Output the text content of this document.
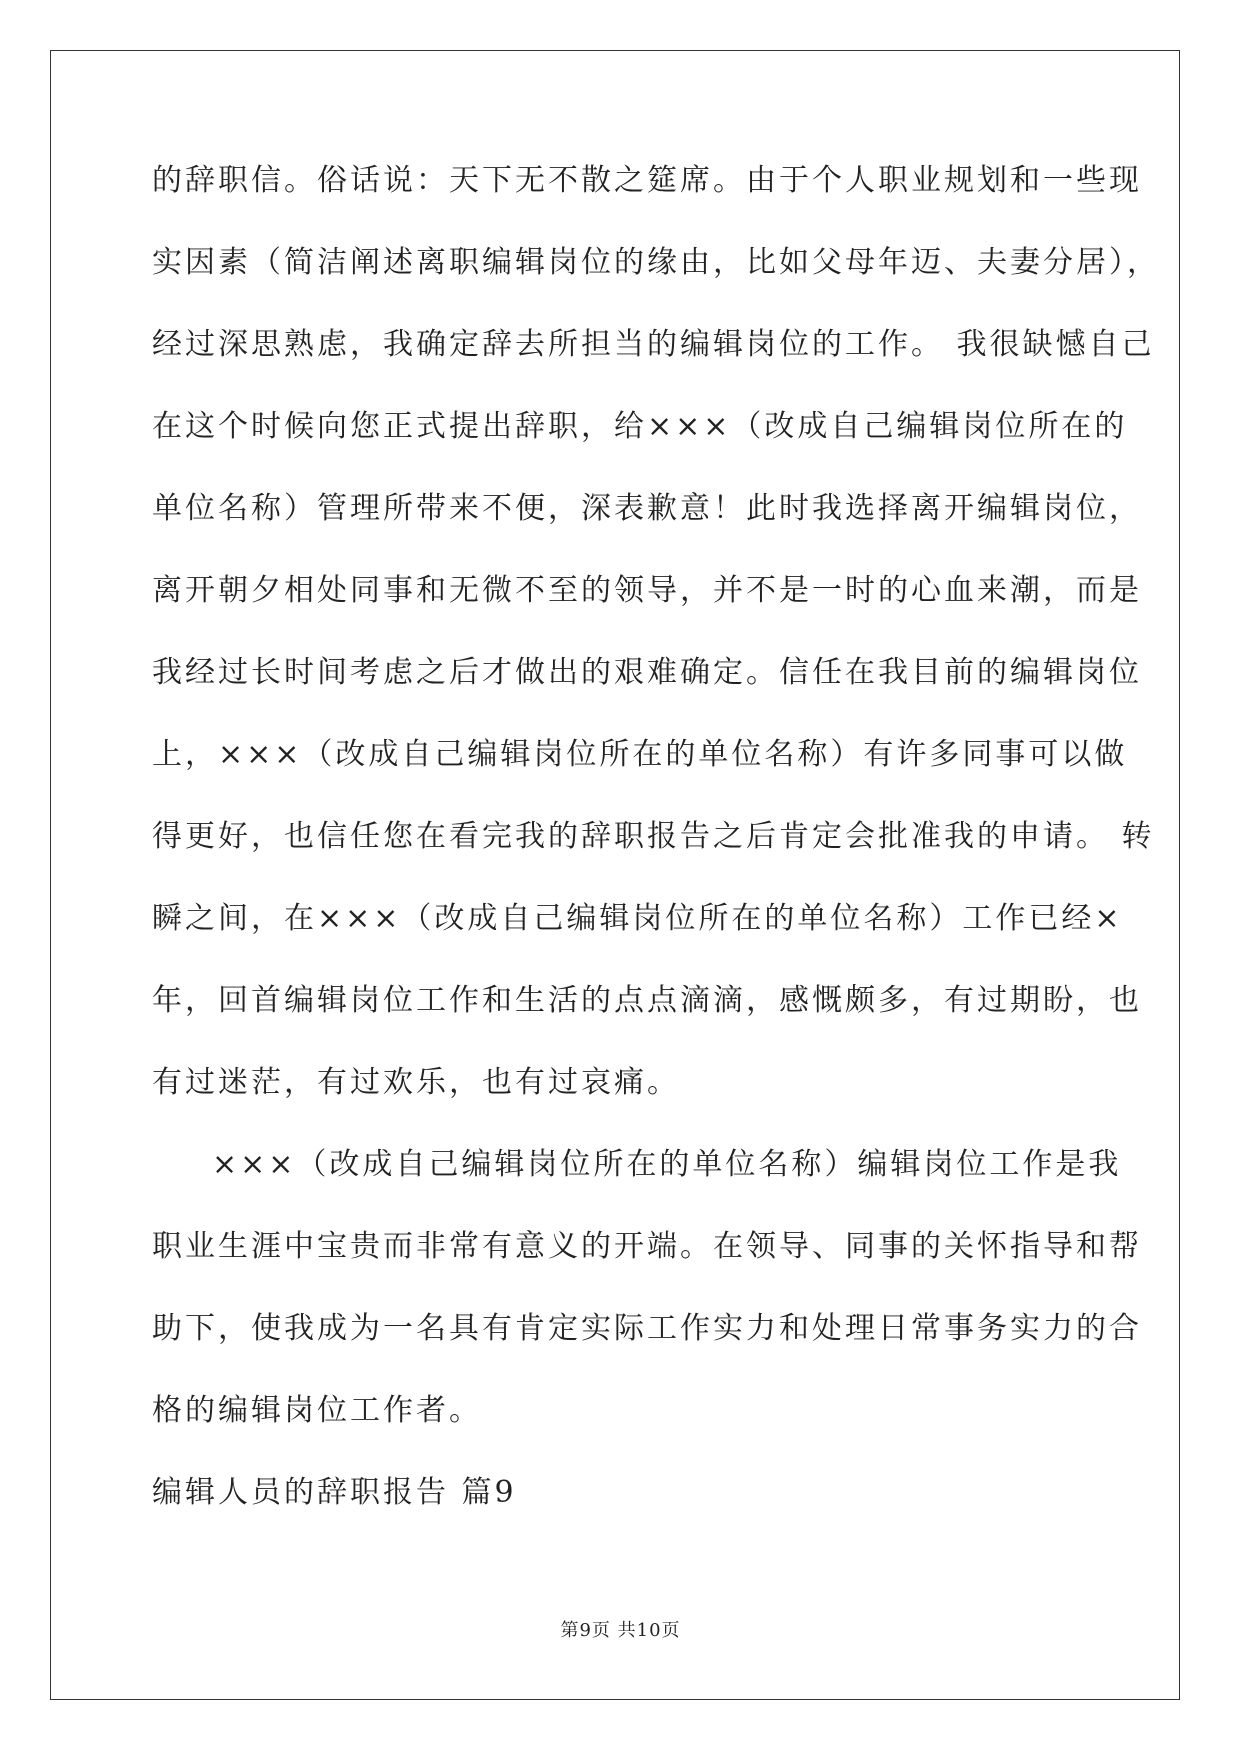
的辞职信。俗话说：天下无不散之筵席。由于个人职业规划和一些现
实因素（简洁阐述离职编辑岗位的缘由，比如父母年迈、夫妻分居），
经过深思熟虑，我确定辞去所担当的编辑岗位的工作。 我很缺憾自己
在这个时候向您正式提出辞职，给×××（改成自己编辑岗位所在的
单位名称）管理所带来不便，深表歉意！此时我选择离开编辑岗位，
离开朝夕相处同事和无微不至的领导，并不是一时的心血来潮，而是
我经过长时间考虑之后才做出的艰难确定。信任在我目前的编辑岗位
上，×××（改成自己编辑岗位所在的单位名称）有许多同事可以做
得更好，也信任您在看完我的辞职报告之后肯定会批准我的申请。 转
瞬之间，在×××（改成自己编辑岗位所在的单位名称）工作已经×
年，回首编辑岗位工作和生活的点点滴滴，感慨颇多，有过期盼，也
有过迷茫，有过欢乐，也有过哀痛。
×××（改成自己编辑岗位所在的单位名称）编辑岗位工作是我
职业生涯中宝贵而非常有意义的开端。在领导、同事的关怀指导和帮
助下，使我成为一名具有肯定实际工作实力和处理日常事务实力的合
格的编辑岗位工作者。
编辑人员的辞职报告 篇9
第9页 共10页
